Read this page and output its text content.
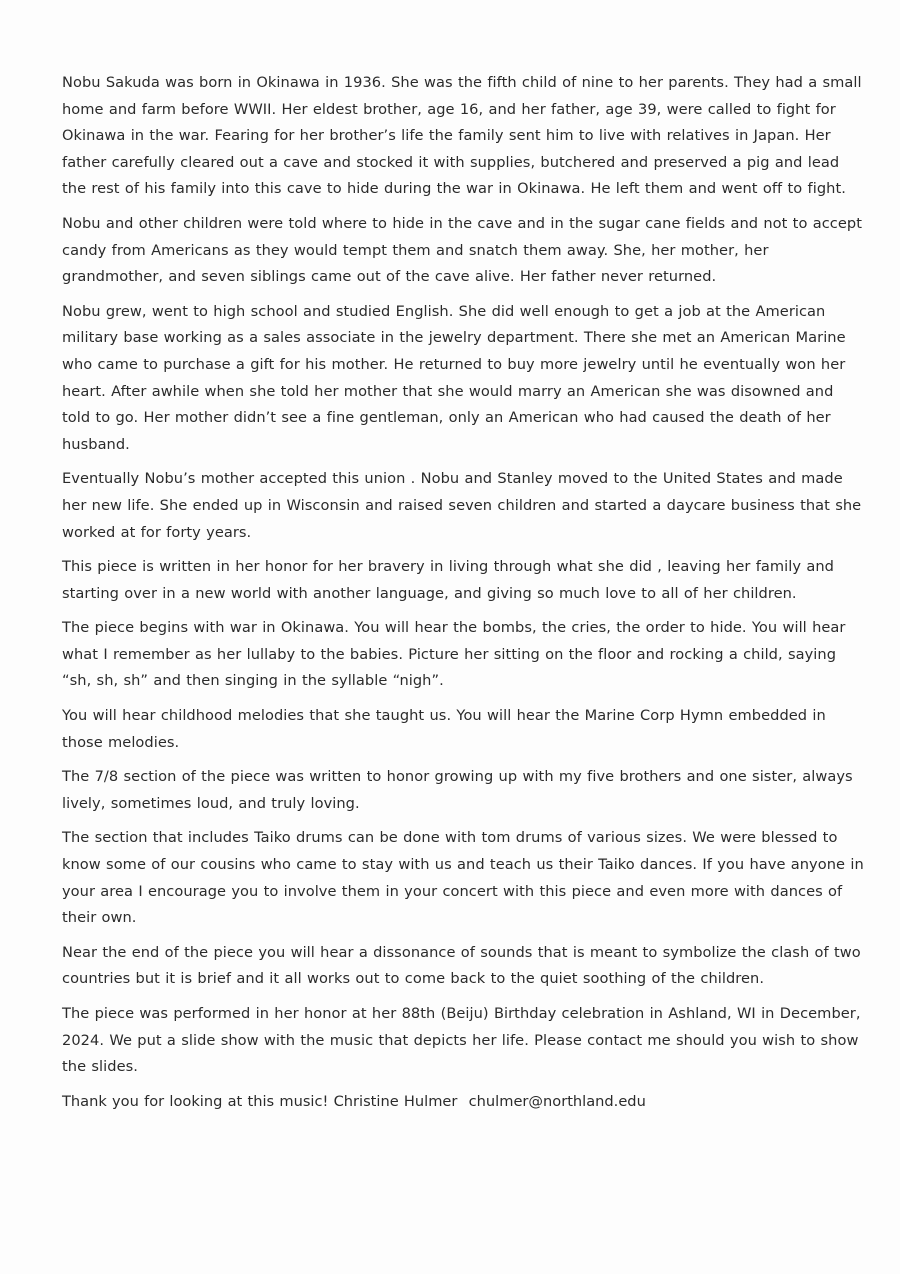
Nobu Sakuda was born in Okinawa in 1936. She was the fifth child of nine to her parents. They had a small home and farm before WWII. Her eldest brother, age 16, and her father, age 39, were called to fight for Okinawa in the war. Fearing for her brother’s life the family sent him to live with relatives in Japan. Her father carefully cleared out a cave and stocked it with supplies, butchered and preserved a pig and lead the rest of his family into this cave to hide during the war in Okinawa. He left them and went off to fight.

Nobu and other children were told where to hide in the cave and in the sugar cane fields and not to accept candy from Americans as they would tempt them and snatch them away. She, her mother, her grandmother, and seven siblings came out of the cave alive. Her father never returned.

Nobu grew, went to high school and studied English. She did well enough to get a job at the American military base working as a sales associate in the jewelry department. There she met an American Marine who came to purchase a gift for his mother. He returned to buy more jewelry until he eventually won her heart. After awhile when she told her mother that she would marry an American she was disowned and told to go. Her mother didn’t see a fine gentleman, only an American who had caused the death of her husband.

Eventually Nobu’s mother accepted this union . Nobu and Stanley moved to the United States and made her new life. She ended up in Wisconsin and raised seven children and started a daycare business that she worked at for forty years.

This piece is written in her honor for her bravery in living through what she did , leaving her family and starting over in a new world with another language, and giving so much love to all of her children.

The piece begins with war in Okinawa. You will hear the bombs, the cries, the order to hide. You will hear what I remember as her lullaby to the babies. Picture her sitting on the floor and rocking a child, saying “sh, sh, sh” and then singing in the syllable “nigh”.

You will hear childhood melodies that she taught us. You will hear the Marine Corp Hymn embedded in those melodies.

The 7/8 section of the piece was written to honor growing up with my five brothers and one sister, always lively, sometimes loud, and truly loving.

The section that includes Taiko drums can be done with tom drums of various sizes. We were blessed to know some of our cousins who came to stay with us and teach us their Taiko dances. If you have anyone in your area I encourage you to involve them in your concert with this piece and even more with dances of their own.

Near the end of the piece you will hear a dissonance of sounds that is meant to symbolize the clash of two countries but it is brief and it all works out to come back to the quiet soothing of the children.

The piece was performed in her honor at her 88th (Beiju) Birthday celebration in Ashland, WI in December, 2024. We put a slide show with the music that depicts her life. Please contact me should you wish to show the slides.

Thank you for looking at this music! Christine Hulmer chulmer@northland.edu
